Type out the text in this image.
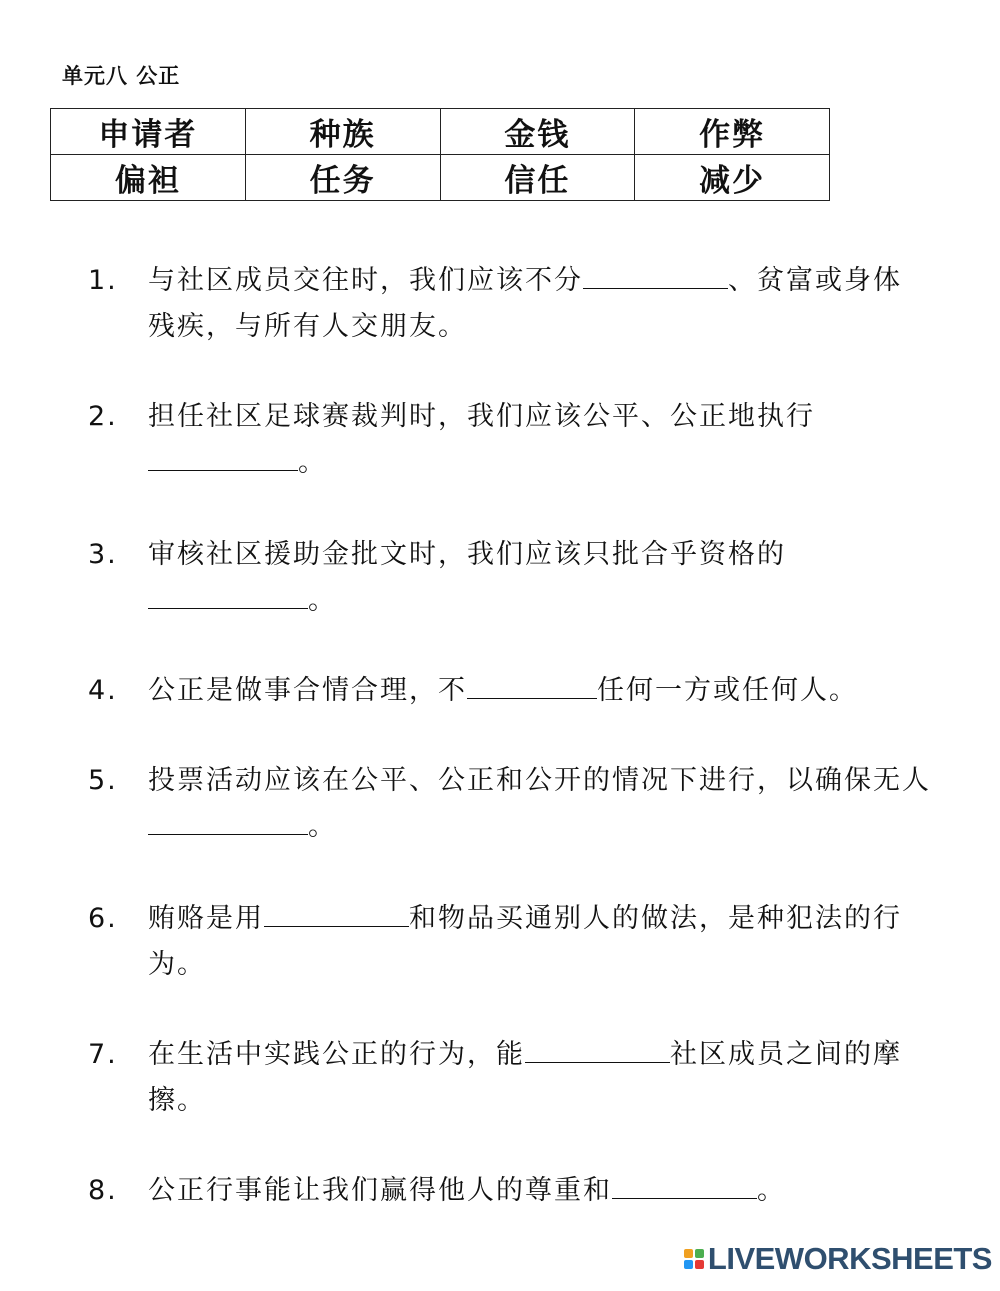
单元八 公正
申请者	种族	金钱	作弊
偏袒	任务	信任	减少
1.	与社区成员交往时，我们应该不分	、贫富或身体残疾，与所有人交朋友。
2.	担任社区足球赛裁判时，我们应该公平、公正地执行。
3.	审核社区援助金批文时，我们应该只批合乎资格的。
4.	公正是做事合情合理，不	任何一方或任何人。
5.	投票活动应该在公平、公正和公开的情况下进行，以确保无人。
6.	贿赂是用	和物品买通别人的做法，是种犯法的行为。
7.	在生活中实践公正的行为，能	社区成员之间的摩擦。
8.	公正行事能让我们赢得他人的尊重和	。
LIVEWORKSHEETS
